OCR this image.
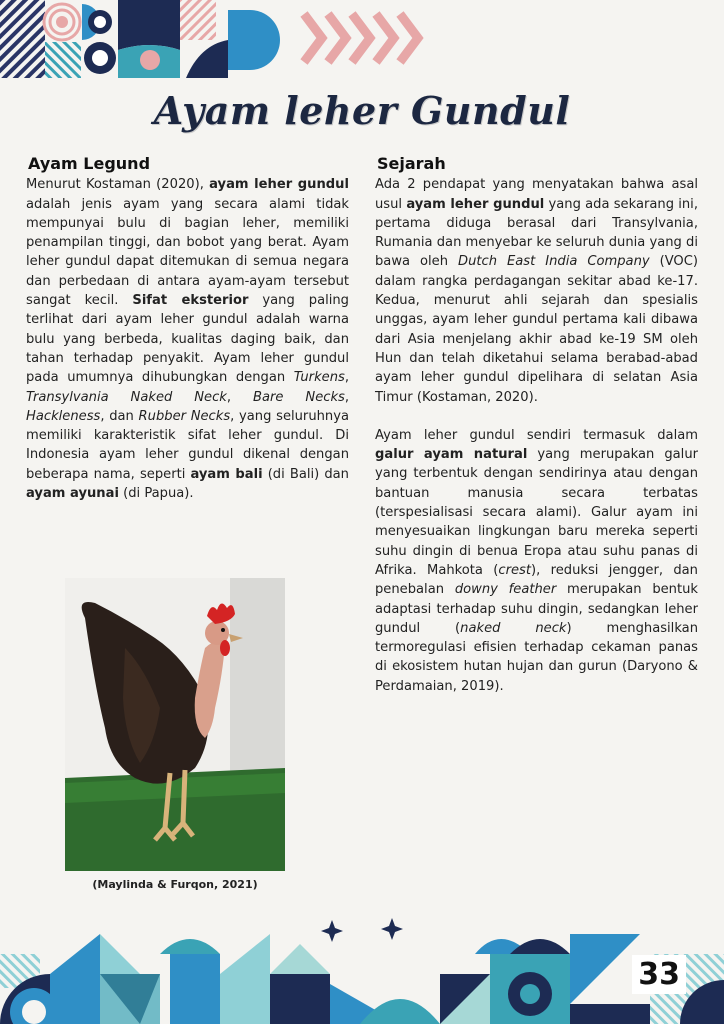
Ayam leher Gundul
Ayam Legund

Menurut Kostaman (2020), ayam leher gundul adalah jenis ayam yang secara alami tidak mempunyai bulu di bagian leher, memiliki penampilan tinggi, dan bobot yang berat. Ayam leher gundul dapat ditemukan di semua negara dan perbedaan di antara ayam-ayam tersebut sangat kecil. Sifat eksterior yang paling terlihat dari ayam leher gundul adalah warna bulu yang berbeda, kualitas daging baik, dan tahan terhadap penyakit. Ayam leher gundul pada umumnya dihubungkan dengan Turkens, Transylvania Naked Neck, Bare Necks, Hackleness, dan Rubber Necks, yang seluruhnya memiliki karakteristik sifat leher gundul. Di Indonesia ayam leher gundul dikenal dengan beberapa nama, seperti ayam bali (di Bali) dan ayam ayunai (di Papua).

(Maylinda & Furqon, 2021)
Sejarah

Ada 2 pendapat yang menyatakan bahwa asal usul ayam leher gundul yang ada sekarang ini, pertama diduga berasal dari Transylvania, Rumania dan menyebar ke seluruh dunia yang di bawa oleh Dutch East India Company (VOC) dalam rangka perdagangan sekitar abad ke-17. Kedua, menurut ahli sejarah dan spesialis unggas, ayam leher gundul pertama kali dibawa dari Asia menjelang akhir abad ke-19 SM oleh Hun dan telah diketahui selama berabad-abad ayam leher gundul dipelihara di selatan Asia Timur (Kostaman, 2020).

Ayam leher gundul sendiri termasuk dalam galur ayam natural yang merupakan galur yang terbentuk dengan sendirinya atau dengan bantuan manusia secara terbatas (terspesialisasi secara alami). Galur ayam ini menyesuaikan lingkungan baru mereka seperti suhu dingin di benua Eropa atau suhu panas di Afrika. Mahkota (crest), reduksi jengger, dan penebalan downy feather merupakan bentuk adaptasi terhadap suhu dingin, sedangkan leher gundul (naked neck) menghasilkan termoregulasi efisien terhadap cekaman panas di ekosistem hutan hujan dan gurun (Daryono & Perdamaian, 2019).

33
